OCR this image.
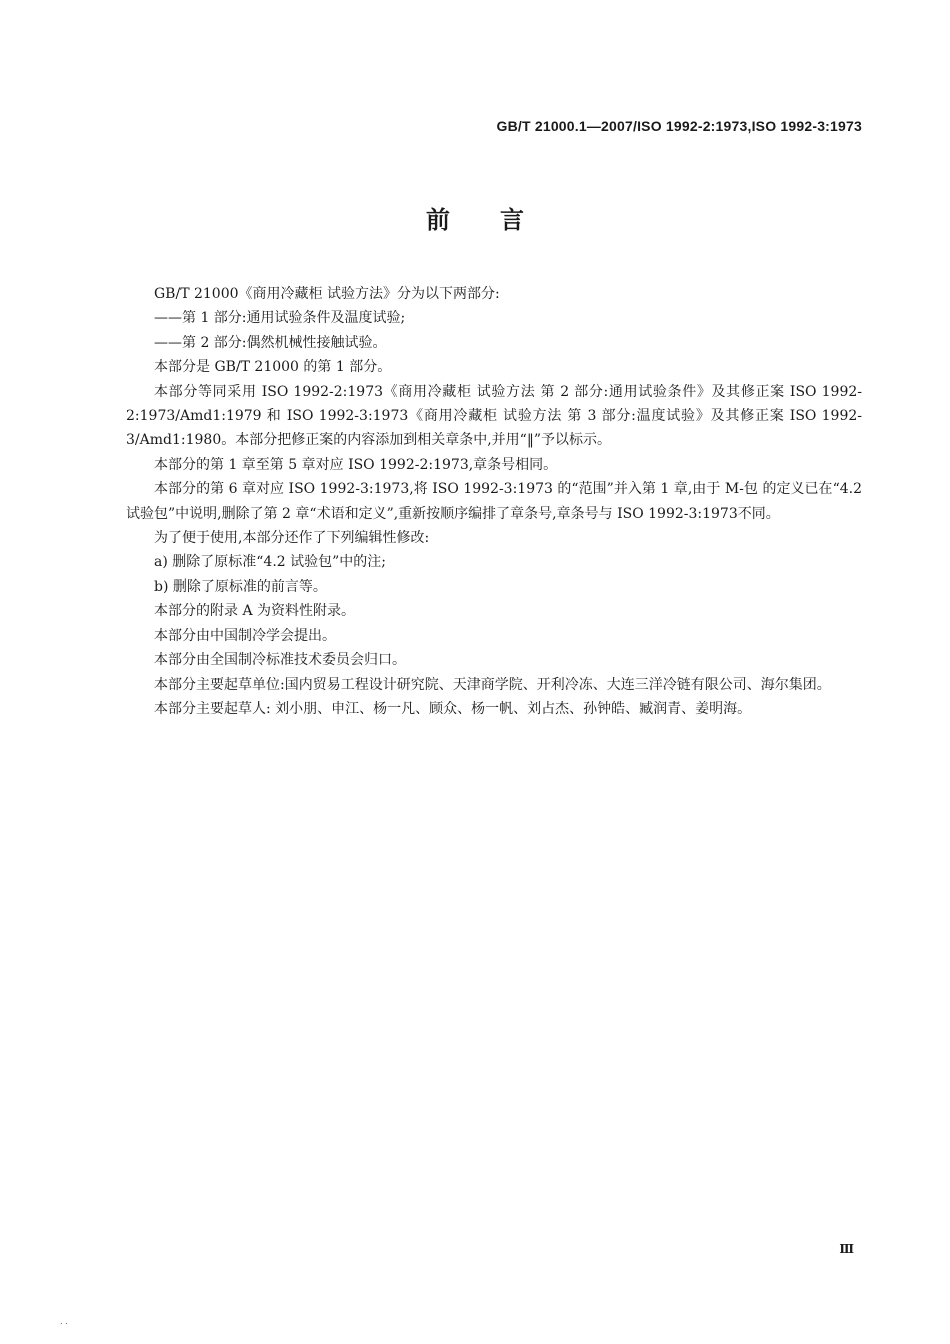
GB/T 21000.1—2007/ISO 1992-2:1973,ISO 1992-3:1973
前言

GB/T 21000《商用冷藏柜 试验方法》分为以下两部分:

——第 1 部分:通用试验条件及温度试验;

——第 2 部分:偶然机械性接触试验。

本部分是 GB/T 21000 的第 1 部分。

本部分等同采用 ISO 1992-2:1973《商用冷藏柜 试验方法 第 2 部分:通用试验条件》及其修正案 ISO 1992-2:1973/Amd1:1979 和 ISO 1992-3:1973《商用冷藏柜 试验方法 第 3 部分:温度试验》及其修正案 ISO 1992-3/Amd1:1980。本部分把修正案的内容添加到相关章条中,并用“‖”予以标示。

本部分的第 1 章至第 5 章对应 ISO 1992-2:1973,章条号相同。

本部分的第 6 章对应 ISO 1992-3:1973,将 ISO 1992-3:1973 的“范围”并入第 1 章,由于 M-包 的定义已在“4.2 试验包”中说明,删除了第 2 章“术语和定义”,重新按顺序编排了章条号,章条号与 ISO 1992-3:1973不同。

为了便于使用,本部分还作了下列编辑性修改:

a) 删除了原标准“4.2 试验包”中的注;

b) 删除了原标准的前言等。

本部分的附录 A 为资料性附录。

本部分由中国制冷学会提出。

本部分由全国制冷标准技术委员会归口。

本部分主要起草单位:国内贸易工程设计研究院、天津商学院、开利冷冻、大连三洋冷链有限公司、海尔集团。

本部分主要起草人: 刘小朋、申江、杨一凡、顾众、杨一帆、刘占杰、孙钟皓、臧润青、姜明海。

Ⅲ
. .
